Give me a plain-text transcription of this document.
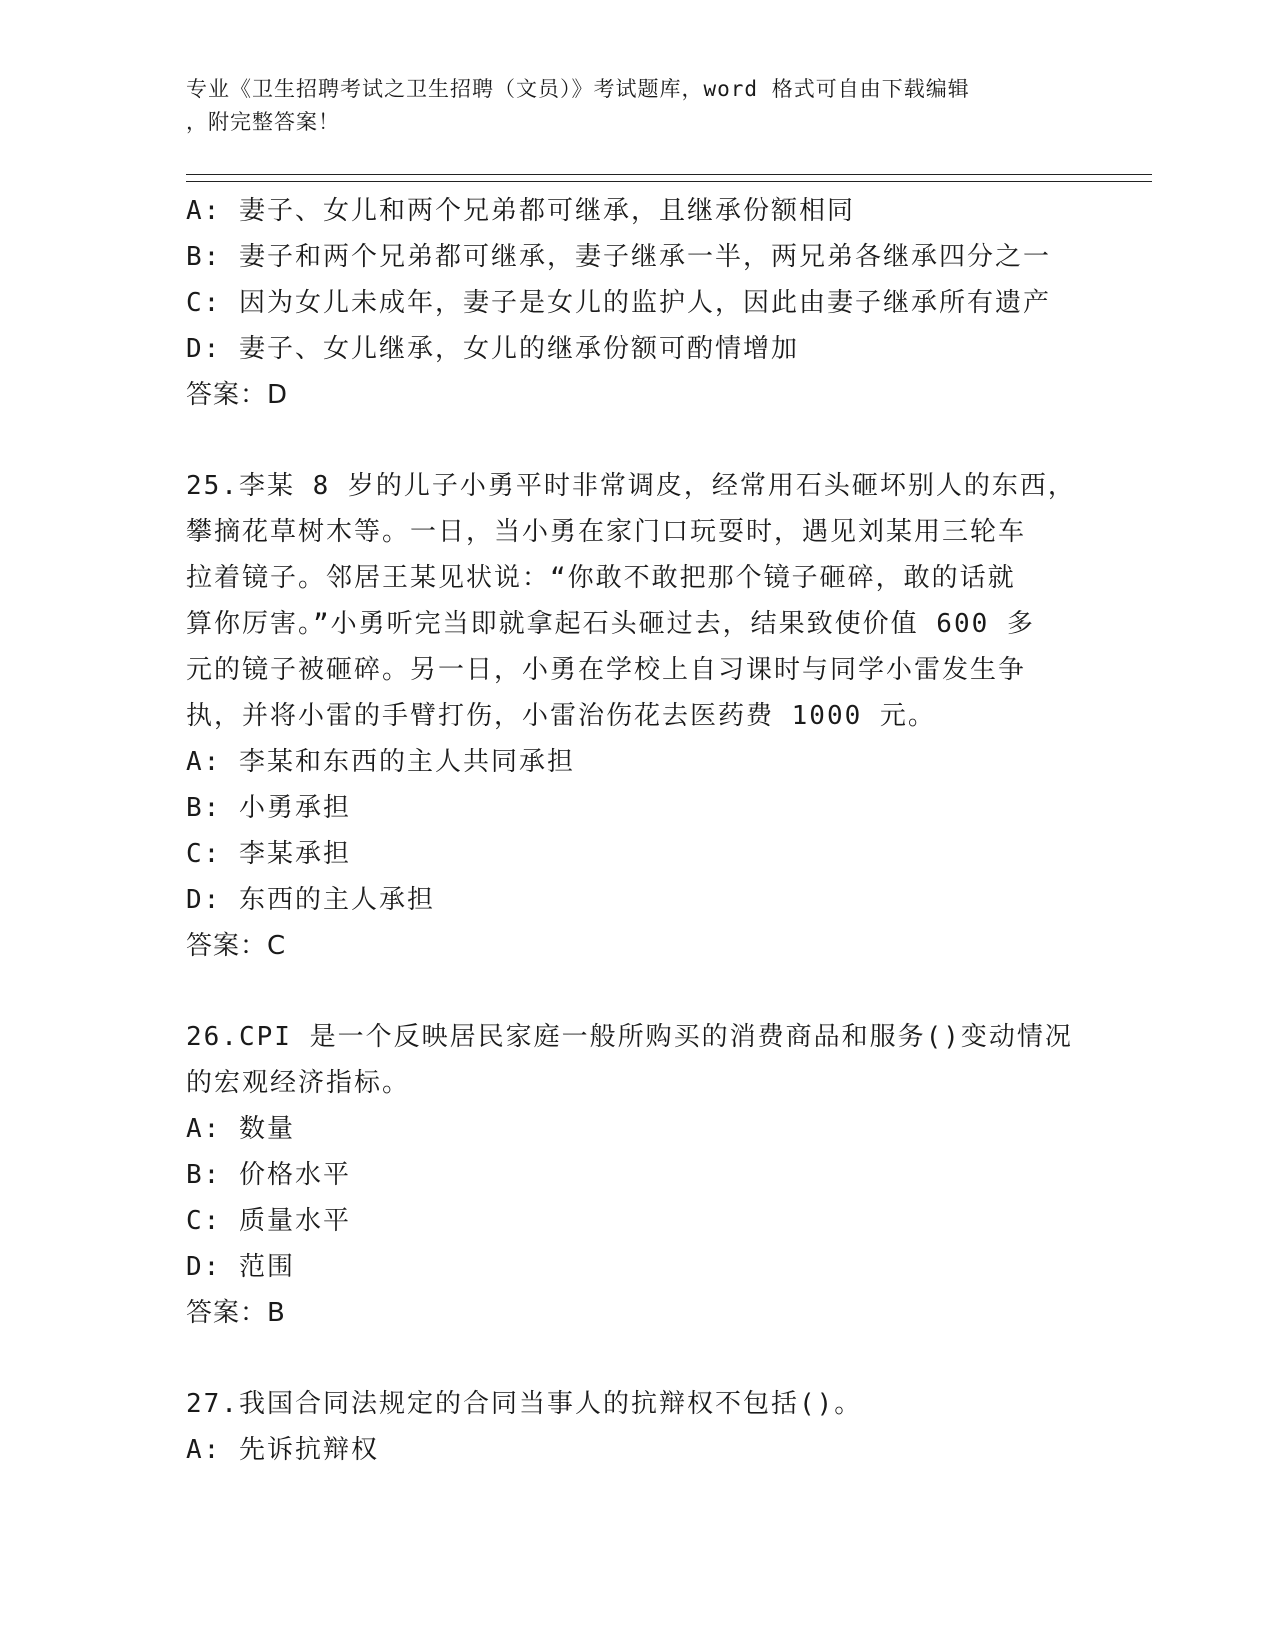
专业《卫生招聘考试之卫生招聘（文员）》考试题库，word 格式可自由下载编辑
，附完整答案！
A: 妻子、女儿和两个兄弟都可继承，且继承份额相同
B: 妻子和两个兄弟都可继承，妻子继承一半，两兄弟各继承四分之一
C: 因为女儿未成年，妻子是女儿的监护人，因此由妻子继承所有遗产
D: 妻子、女儿继承，女儿的继承份额可酌情增加
答案：D
25.李某 8 岁的儿子小勇平时非常调皮，经常用石头砸坏别人的东西，
攀摘花草树木等。一日，当小勇在家门口玩耍时，遇见刘某用三轮车
拉着镜子。邻居王某见状说：“你敢不敢把那个镜子砸碎，敢的话就
算你厉害。”小勇听完当即就拿起石头砸过去，结果致使价值 600 多
元的镜子被砸碎。另一日，小勇在学校上自习课时与同学小雷发生争
执，并将小雷的手臂打伤，小雷治伤花去医药费 1000 元。
A: 李某和东西的主人共同承担
B: 小勇承担
C: 李某承担
D: 东西的主人承担
答案：C
26.CPI 是一个反映居民家庭一般所购买的消费商品和服务()变动情况
的宏观经济指标。
A: 数量
B: 价格水平
C: 质量水平
D: 范围
答案：B
27.我国合同法规定的合同当事人的抗辩权不包括()。
A: 先诉抗辩权
